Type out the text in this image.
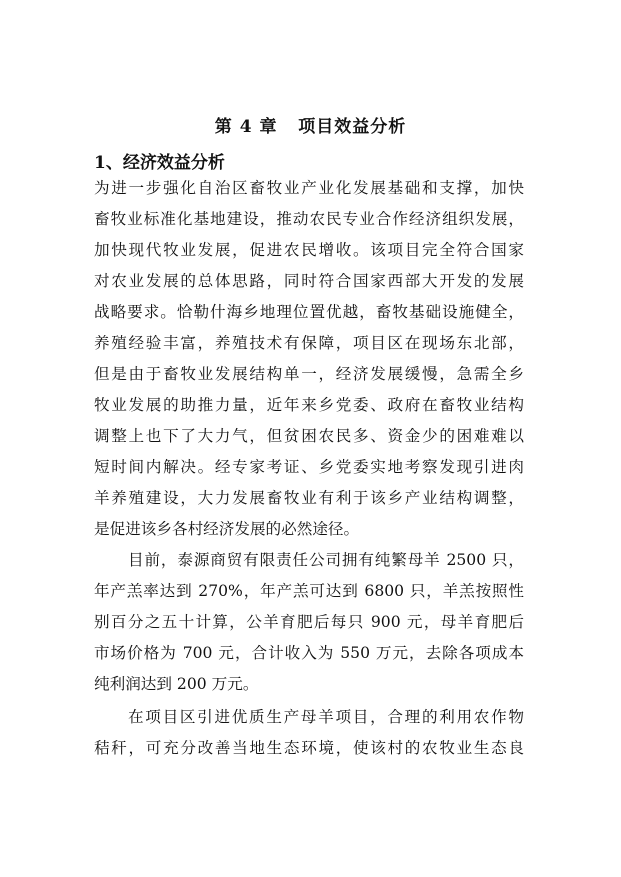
第 4 章   项目效益分析
1、经济效益分析
为进一步强化自治区畜牧业产业化发展基础和支撑，加快
畜牧业标准化基地建设，推动农民专业合作经济组织发展，
加快现代牧业发展，促进农民增收。该项目完全符合国家
对农业发展的总体思路，同时符合国家西部大开发的发展
战略要求。恰勒什海乡地理位置优越，畜牧基础设施健全，
养殖经验丰富，养殖技术有保障，项目区在现场东北部，
但是由于畜牧业发展结构单一，经济发展缓慢，急需全乡
牧业发展的助推力量，近年来乡党委、政府在畜牧业结构
调整上也下了大力气，但贫困农民多、资金少的困难难以
短时间内解决。经专家考证、乡党委实地考察发现引进肉
羊养殖建设，大力发展畜牧业有利于该乡产业结构调整，
是促进该乡各村经济发展的必然途径。
目前，泰源商贸有限责任公司拥有纯繁母羊 2500 只，
年产羔率达到 270%，年产羔可达到 6800 只，羊羔按照性
别百分之五十计算，公羊育肥后每只 900 元，母羊育肥后
市场价格为 700 元，合计收入为 550 万元，去除各项成本
纯利润达到 200 万元。
在项目区引进优质生产母羊项目，合理的利用农作物
秸秆，可充分改善当地生态环境，使该村的农牧业生态良
